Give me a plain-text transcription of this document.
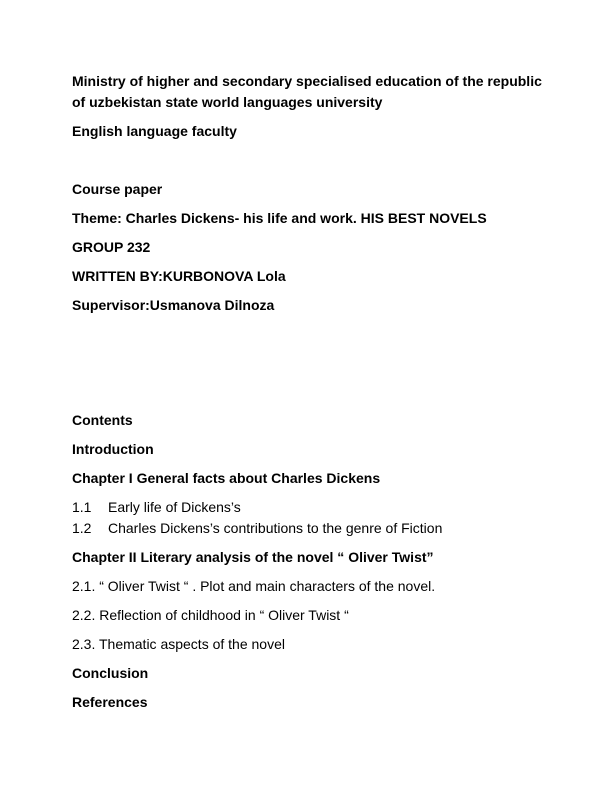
Ministry of higher and secondary specialised education of the republic
of uzbekistan state world languages university
English language faculty
Course paper
Theme: Charles Dickens- his life and work. HIS BEST NOVELS
GROUP 232
WRITTEN BY:KURBONOVA Lola
Supervisor:Usmanova Dilnoza
Contents
Introduction
Chapter I General facts about Charles Dickens
1.1 Early life of Dickens’s
1.2 Charles Dickens’s contributions to the genre of Fiction
Chapter II Literary analysis of the novel “ Oliver Twist”
2.1. “ Oliver Twist “ . Plot and main characters of the novel.
2.2. Reflection of childhood in “ Oliver Twist “
2.3. Thematic aspects of the novel
Conclusion
References
